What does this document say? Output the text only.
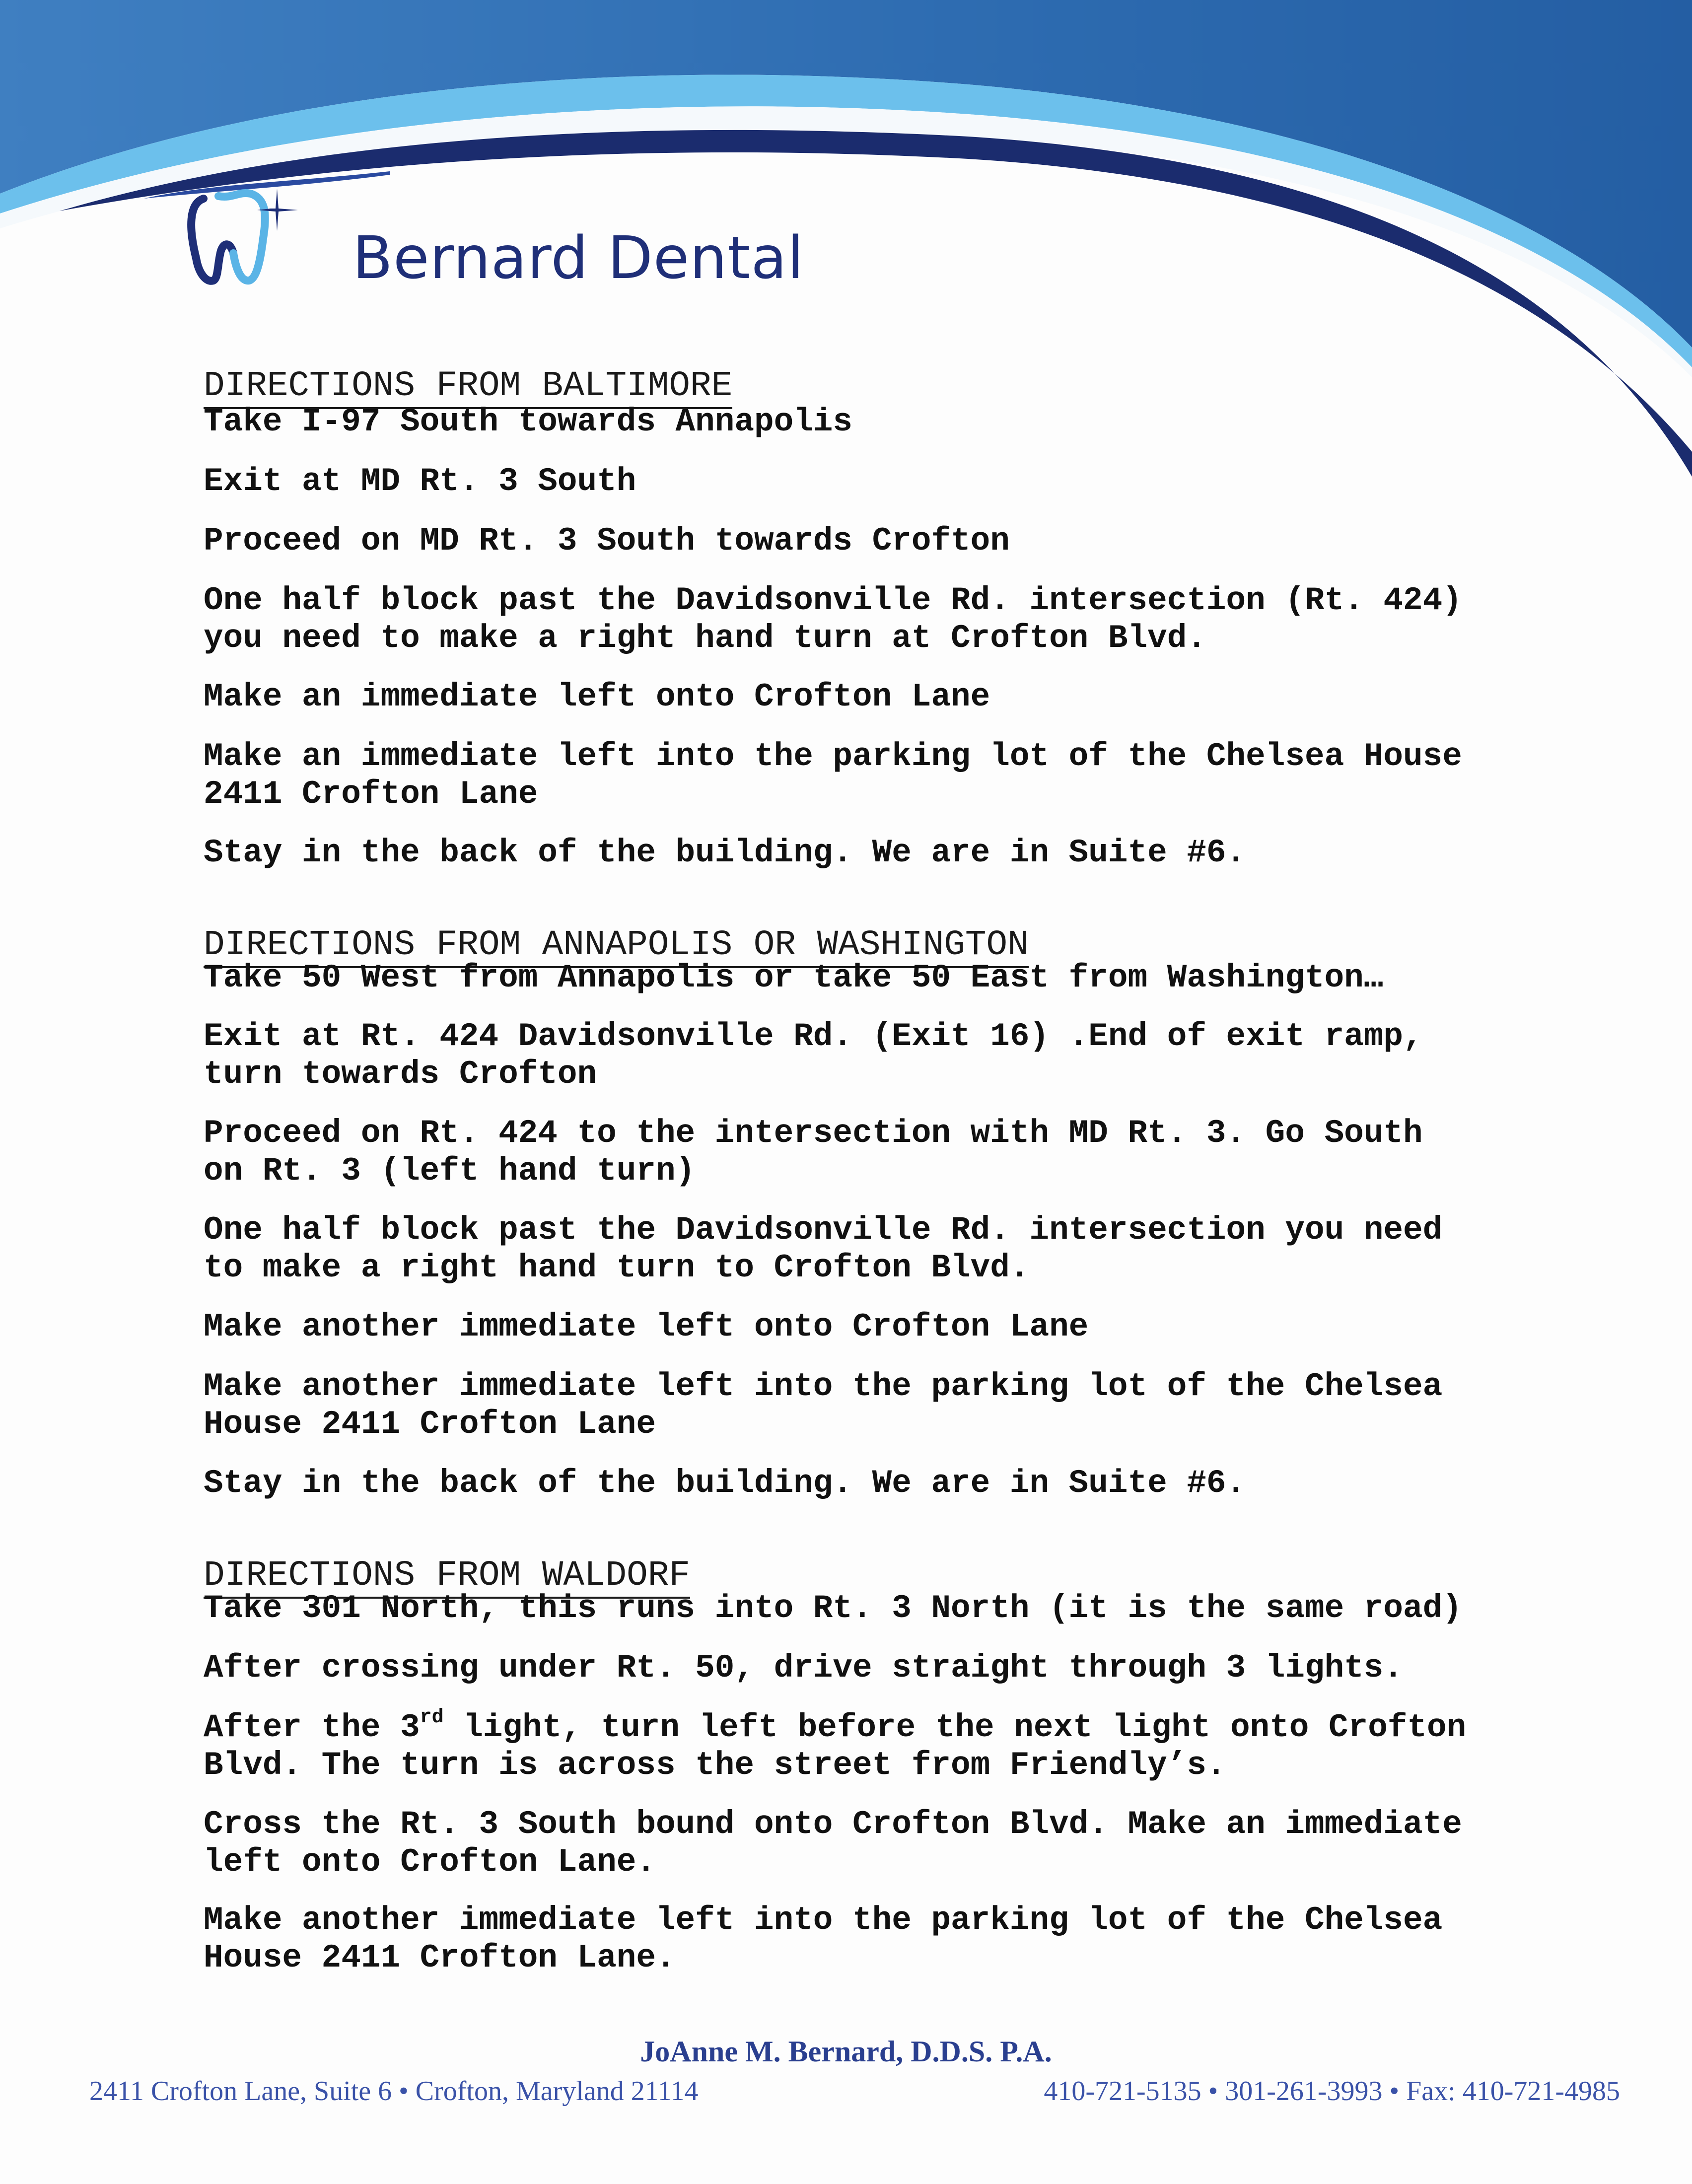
Bernard Dental
DIRECTIONS FROM BALTIMORE

Take I-97 South towards Annapolis

Exit at MD Rt. 3 South

Proceed on MD Rt. 3 South towards Crofton

One half block past the Davidsonville Rd. intersection (Rt. 424)
you need to make a right hand turn at Crofton Blvd.

Make an immediate left onto Crofton Lane

Make an immediate left into the parking lot of the Chelsea House
2411 Crofton Lane

Stay in the back of the building. We are in Suite #6.

DIRECTIONS FROM ANNAPOLIS OR WASHINGTON

Take 50 West from Annapolis or take 50 East from Washington…

Exit at Rt. 424 Davidsonville Rd. (Exit 16) .End of exit ramp,
turn towards Crofton

Proceed on Rt. 424 to the intersection with MD Rt. 3. Go South
on Rt. 3 (left hand turn)

One half block past the Davidsonville Rd. intersection you need
to make a right hand turn to Crofton Blvd.

Make another immediate left onto Crofton Lane

Make another immediate left into the parking lot of the Chelsea
House 2411 Crofton Lane

Stay in the back of the building. We are in Suite #6.

DIRECTIONS FROM WALDORF

Take 301 North, this runs into Rt. 3 North (it is the same road)

After crossing under Rt. 50, drive straight through 3 lights.

After the 3rd light, turn left before the next light onto Crofton
Blvd. The turn is across the street from Friendly’s.

Cross the Rt. 3 South bound onto Crofton Blvd. Make an immediate
left onto Crofton Lane.

Make another immediate left into the parking lot of the Chelsea
House 2411 Crofton Lane.

JoAnne M. Bernard, D.D.S. P.A.
2411 Crofton Lane, Suite 6 • Crofton, Maryland 21114	410-721-5135 • 301-261-3993 • Fax: 410-721-4985
